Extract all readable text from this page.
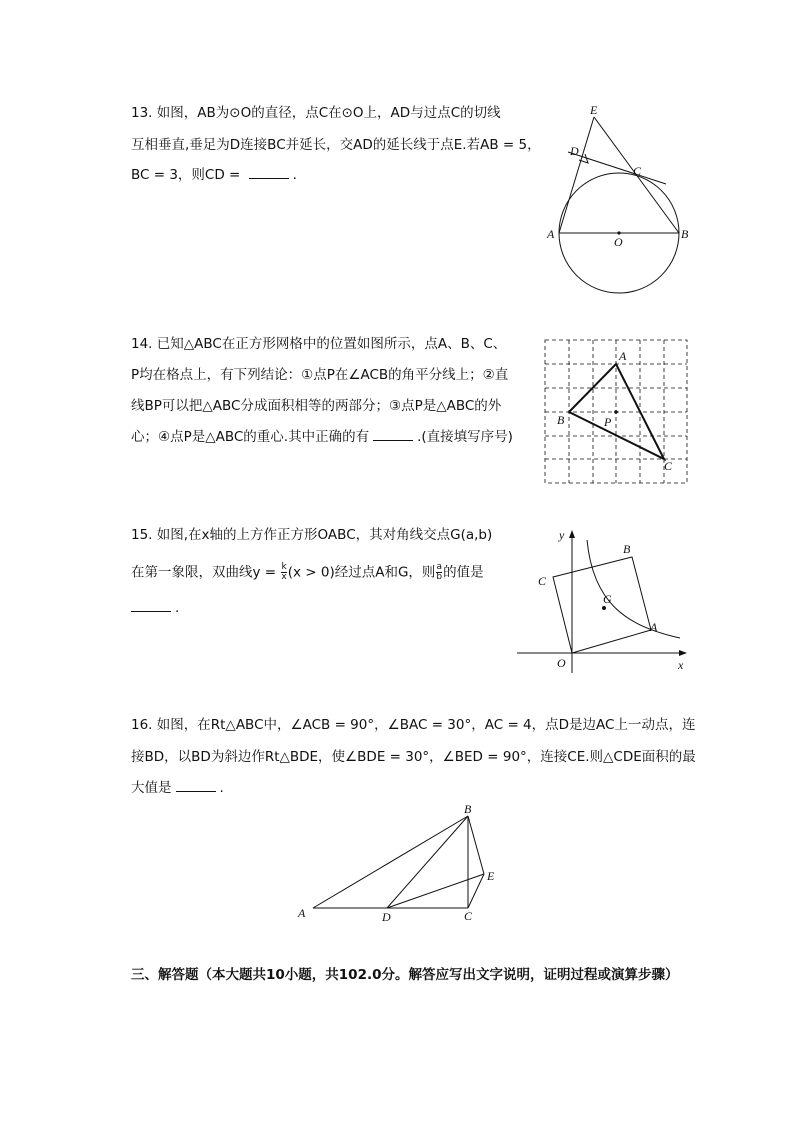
13. 如图，AB为⊙O的直径，点C在⊙O上，AD与过点C的切线
互相垂直,垂足为D连接BC并延长，交AD的延长线于点E.若AB = 5，
BC = 3，则CD =	.
E
D
C
A
O
B
14. 已知△ABC在正方形网格中的位置如图所示，点A、B、C、
P均在格点上，有下列结论：①点P在∠ACB的角平分线上；②直
线BP可以把△ABC分成面积相等的两部分；③点P是△ABC的外
心；④点P是△ABC的重心.其中正确的有	.(直接填写序号)
A
B	P
C
15. 如图,在x轴的上方作正方形OABC，其对角线交点G(a,b)
在第一象限，双曲线$y = \frac{k}{x} (x > 0)$经过点A和G，则 $\frac{a}{b}$ 的值是
.
y
B
C
G
A
O	x
16. 如图，在Rt△ABC中，∠ACB = 90°，∠BAC = 30°，AC = 4，点D是边AC上一动点，连
接BD，以BD为斜边作Rt△BDE，使∠BDE = 30°，∠BED = 90°，连接CE.则△CDE面积的最
大值是	.
B
E
A	D	C
三、解答题（本大题共10小题，共102.0分。解答应写出文字说明，证明过程或演算步骤）
